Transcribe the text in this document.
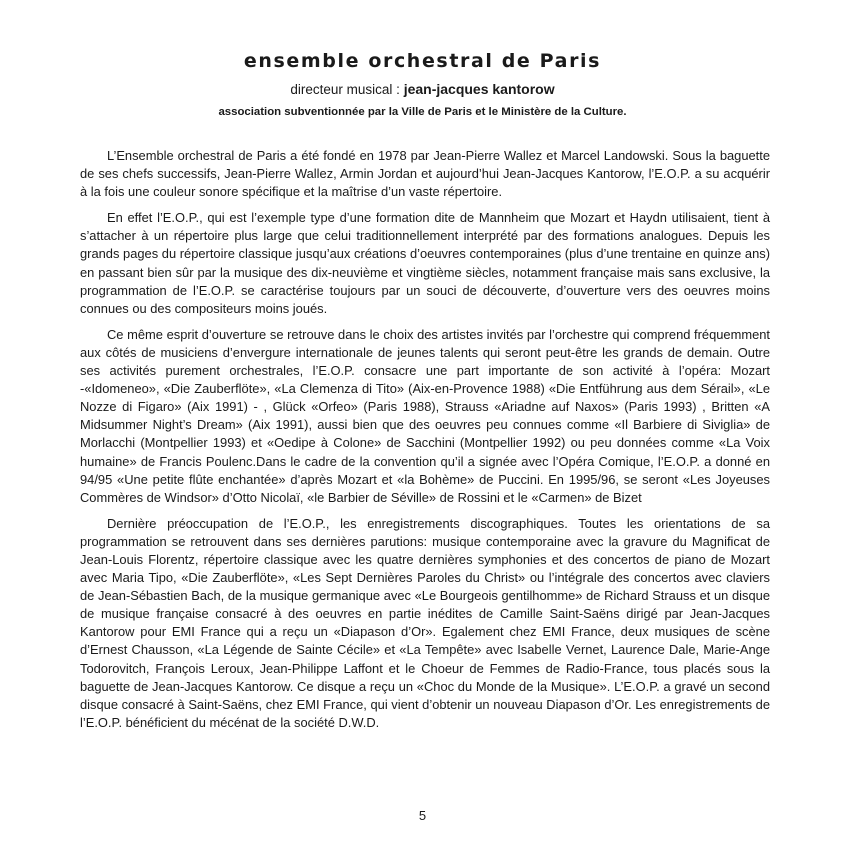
ensemble orchestral de Paris
directeur musical : jean-jacques kantorow
association subventionnée par la Ville de Paris et le Ministère de la Culture.

L’Ensemble orchestral de Paris a été fondé en 1978 par Jean-Pierre Wallez et Marcel Landowski. Sous la baguette de ses chefs successifs, Jean-Pierre Wallez, Armin Jordan et aujourd’hui Jean-Jacques Kantorow, l’E.O.P. a su acquérir à la fois une couleur sonore spécifique et la maîtrise d’un vaste répertoire.

En effet l’E.O.P., qui est l’exemple type d’une formation dite de Mannheim que Mozart et Haydn utilisaient, tient à s’attacher à un répertoire plus large que celui traditionnellement interprété par des formations analogues. Depuis les grands pages du répertoire classique jusqu’aux créations d’oeuvres contemporaines (plus d’une trentaine en quinze ans) en passant bien sûr par la musique des dix-neuvième et vingtième siècles, notamment française mais sans exclusive, la programmation de l’E.O.P. se caractérise toujours par un souci de découverte, d’ouverture vers des oeuvres moins connues ou des compositeurs moins joués.

Ce même esprit d’ouverture se retrouve dans le choix des artistes invités par l’orchestre qui comprend fréquemment aux côtés de musiciens d’envergure internationale de jeunes talents qui seront peut-être les grands de demain. Outre ses activités purement orchestrales, l’E.O.P. consacre une part importante de son activité à l’opéra: Mozart -«Idomeneo», «Die Zauberflöte», «La Clemenza di Tito» (Aix-en-Provence 1988) «Die Entführung aus dem Sérail», «Le Nozze di Figaro» (Aix 1991) - , Glück «Orfeo» (Paris 1988), Strauss «Ariadne auf Naxos» (Paris 1993) , Britten «A Midsummer Night’s Dream» (Aix 1991), aussi bien que des oeuvres peu connues comme «Il Barbiere di Siviglia» de Morlacchi (Montpellier 1993) et «Oedipe à Colone» de Sacchini (Montpellier 1992) ou peu données comme «La Voix humaine» de Francis Poulenc.Dans le cadre de la convention qu’il a signée avec l’Opéra Comique, l’E.O.P. a donné en 94/95 «Une petite flûte enchantée» d’après Mozart et «la Bohème» de Puccini. En 1995/96, se seront «Les Joyeuses Commères de Windsor» d’Otto Nicolaï, «le Barbier de Séville» de Rossini et le «Carmen» de Bizet

Dernière préoccupation de l’E.O.P., les enregistrements discographiques. Toutes les orientations de sa programmation se retrouvent dans ses dernières parutions: musique contemporaine avec la gravure du Magnificat de Jean-Louis Florentz, répertoire classique avec les quatre dernières symphonies et des concertos de piano de Mozart avec Maria Tipo, «Die Zauberflöte», «Les Sept Dernières Paroles du Christ» ou l’intégrale des concertos avec claviers de Jean-Sébastien Bach, de la musique germanique avec «Le Bourgeois gentilhomme» de Richard Strauss et un disque de musique française consacré à des oeuvres en partie inédites de Camille Saint-Saëns dirigé par Jean-Jacques Kantorow pour EMI France qui a reçu un «Diapason d’Or». Egalement chez EMI France, deux musiques de scène d’Ernest Chausson, «La Légende de Sainte Cécile» et «La Tempête» avec Isabelle Vernet, Laurence Dale, Marie-Ange Todorovitch, François Leroux, Jean-Philippe Laffont et le Choeur de Femmes de Radio-France, tous placés sous la baguette de Jean-Jacques Kantorow. Ce disque a reçu un «Choc du Monde de la Musique». L’E.O.P. a gravé un second disque consacré à Saint-Saëns, chez EMI France, qui vient d’obtenir un nouveau Diapason d’Or. Les enregistrements de l’E.O.P. bénéficient du mécénat de la société D.W.D.

5
